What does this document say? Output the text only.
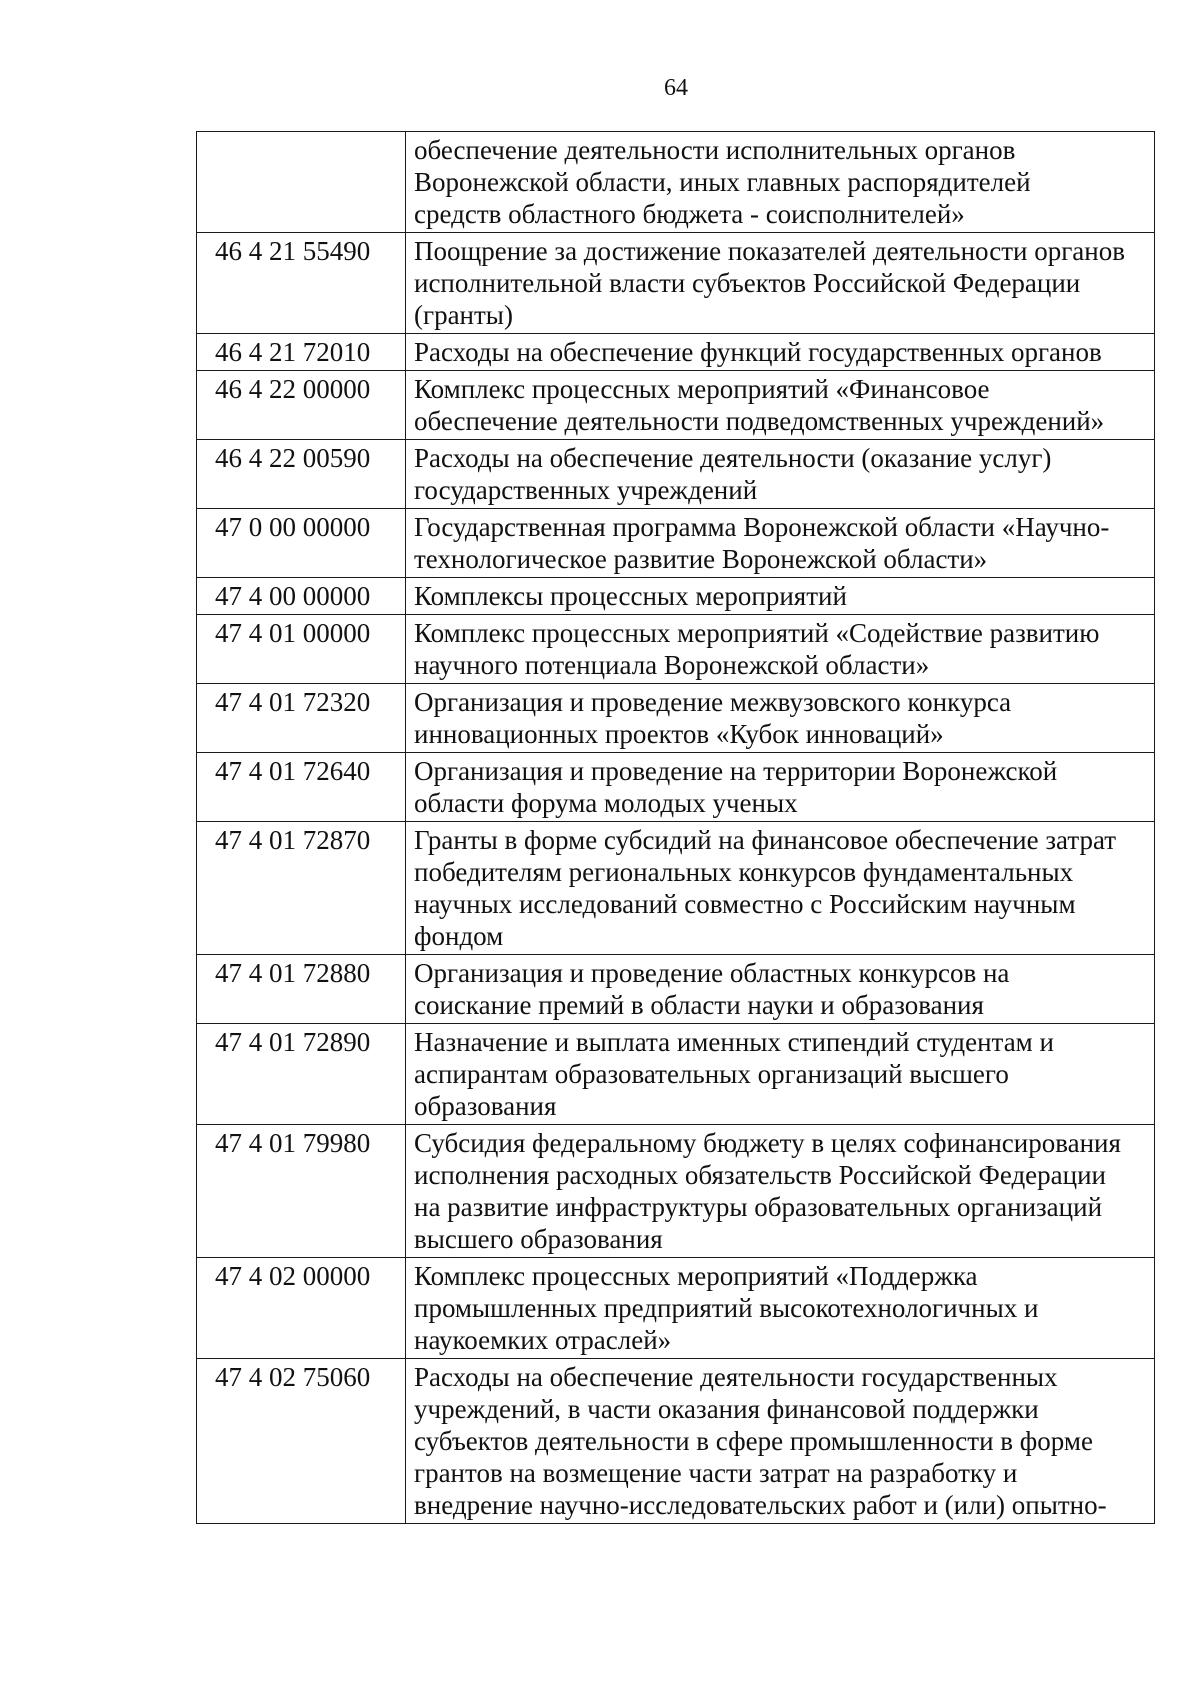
64

	обеспечение деятельности исполнительных органов
Воронежской области, иных главных распорядителей
средств областного бюджета - соисполнителей»

46 4 21 55490	Поощрение за достижение показателей деятельности органов
исполнительной власти субъектов Российской Федерации
(гранты)

46 4 21 72010	Расходы на обеспечение функций государственных органов

46 4 22 00000	Комплекс процессных мероприятий «Финансовое
обеспечение деятельности подведомственных учреждений»

46 4 22 00590	Расходы на обеспечение деятельности (оказание услуг)
государственных учреждений

47 0 00 00000	Государственная программа Воронежской области «Научно-
технологическое развитие Воронежской области»

47 4 00 00000	Комплексы процессных мероприятий

47 4 01 00000	Комплекс процессных мероприятий «Содействие развитию
научного потенциала Воронежской области»

47 4 01 72320	Организация и проведение межвузовского конкурса
инновационных проектов «Кубок инноваций»

47 4 01 72640	Организация и проведение на территории Воронежской
области форума молодых ученых

47 4 01 72870	Гранты в форме субсидий на финансовое обеспечение затрат
победителям региональных конкурсов фундаментальных
научных исследований совместно с Российским научным
фондом

47 4 01 72880	Организация и проведение областных конкурсов на
соискание премий в области науки и образования

47 4 01 72890	Назначение и выплата именных стипендий студентам и
аспирантам образовательных организаций высшего
образования

47 4 01 79980	Субсидия федеральному бюджету в целях софинансирования
исполнения расходных обязательств Российской Федерации
на развитие инфраструктуры образовательных организаций
высшего образования

47 4 02 00000	Комплекс процессных мероприятий «Поддержка
промышленных предприятий высокотехнологичных и
наукоемких отраслей»

47 4 02 75060	Расходы на обеспечение деятельности государственных
учреждений, в части оказания финансовой поддержки
субъектов деятельности в сфере промышленности в форме
грантов на возмещение части затрат на разработку и
внедрение научно-исследовательских работ и (или) опытно-
